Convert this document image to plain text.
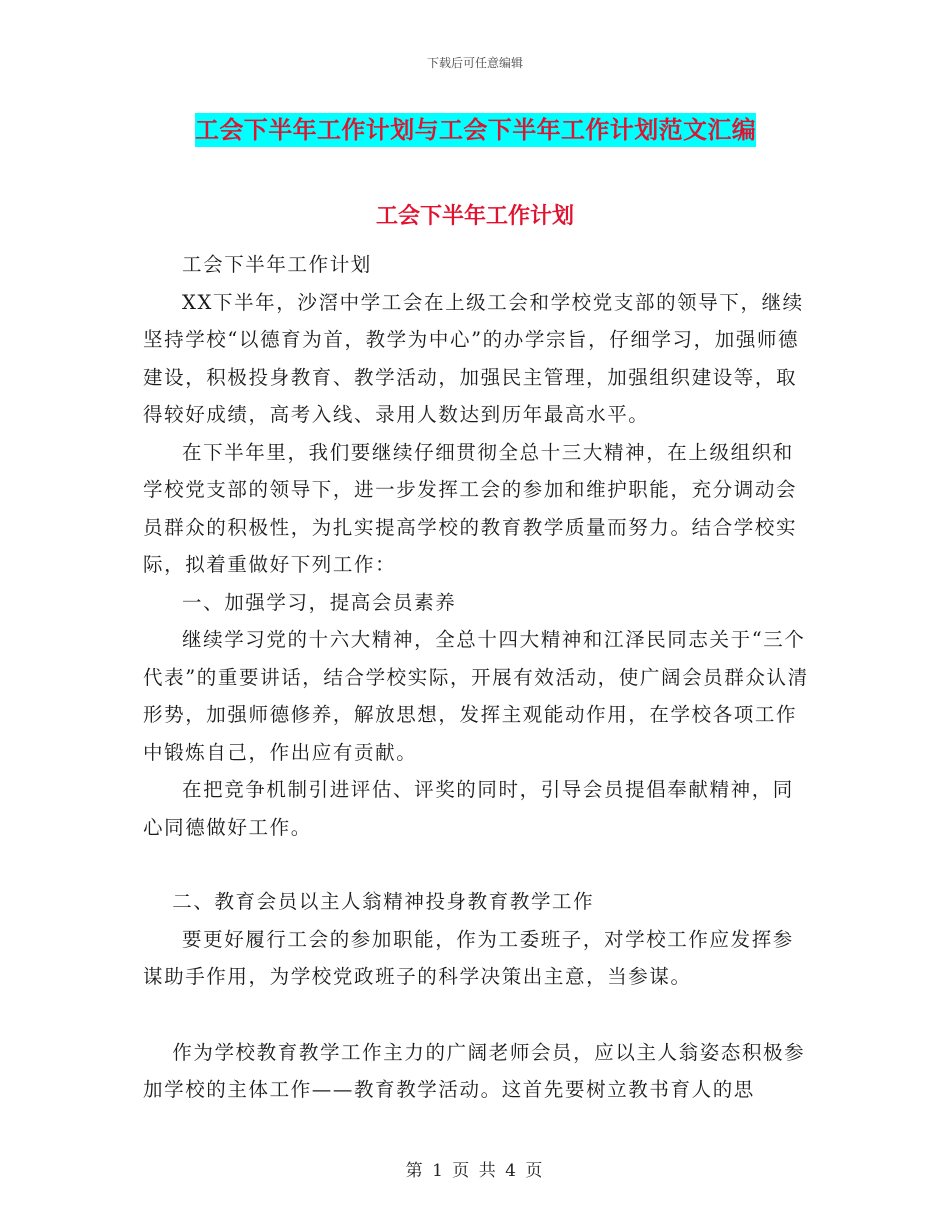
下载后可任意编辑
工会下半年工作计划与工会下半年工作计划范文汇编
工会下半年工作计划

工会下半年工作计划

XX下半年，沙滘中学工会在上级工会和学校党支部的领导下，继续坚持学校“以德育为首，教学为中心”的办学宗旨，仔细学习，加强师德建设，积极投身教育、教学活动，加强民主管理，加强组织建设等，取得较好成绩，高考入线、录用人数达到历年最高水平。

在下半年里，我们要继续仔细贯彻全总十三大精神，在上级组织和学校党支部的领导下，进一步发挥工会的参加和维护职能，充分调动会员群众的积极性，为扎实提高学校的教育教学质量而努力。结合学校实际，拟着重做好下列工作：

一、加强学习，提高会员素养

继续学习党的十六大精神，全总十四大精神和江泽民同志关于“三个代表”的重要讲话，结合学校实际，开展有效活动，使广阔会员群众认清形势，加强师德修养，解放思想，发挥主观能动作用，在学校各项工作中锻炼自己，作出应有贡献。

在把竞争机制引进评估、评奖的同时，引导会员提倡奉献精神，同心同德做好工作。

二、教育会员以主人翁精神投身教育教学工作

要更好履行工会的参加职能，作为工委班子，对学校工作应发挥参谋助手作用，为学校党政班子的科学决策出主意，当参谋。

作为学校教育教学工作主力的广阔老师会员，应以主人翁姿态积极参加学校的主体工作——教育教学活动。这首先要树立教书育人的思

第 1 页 共 4 页
